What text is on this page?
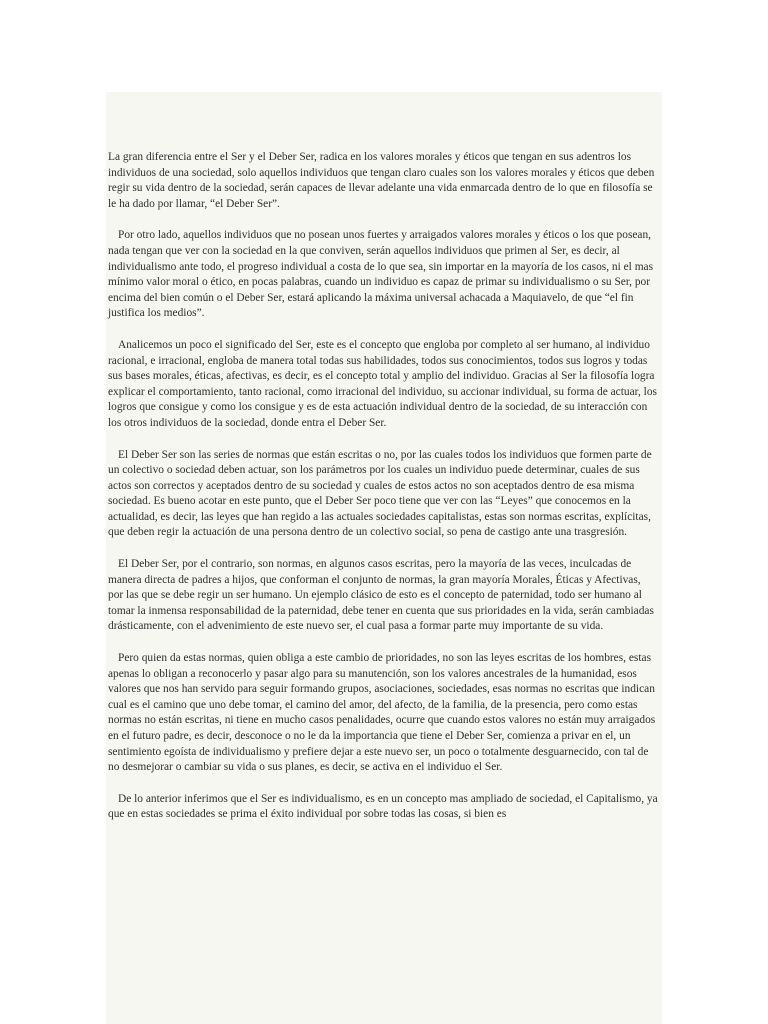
La gran diferencia entre el Ser y el Deber Ser, radica en los valores morales y éticos que tengan en sus adentros los individuos de una sociedad, solo aquellos individuos que tengan claro cuales son los valores morales y éticos que deben regir su vida dentro de la sociedad, serán capaces de llevar adelante una vida enmarcada dentro de lo que en filosofía se le ha dado por llamar, “el Deber Ser”.

Por otro lado, aquellos individuos que no posean unos fuertes y arraigados valores morales y éticos o los que posean, nada tengan que ver con la sociedad en la que conviven, serán aquellos individuos que primen al Ser, es decir, al individualismo ante todo, el progreso individual a costa de lo que sea, sin importar en la mayoría de los casos, ni el mas mínimo valor moral o ético, en pocas palabras, cuando un individuo es capaz de primar su individualismo o su Ser, por encima del bien común o el Deber Ser, estará aplicando la máxima universal achacada a Maquiavelo, de que “el fin justifica los medios”.

Analicemos un poco el significado del Ser, este es el concepto que engloba por completo al ser humano, al individuo racional, e irracional, engloba de manera total todas sus habilidades, todos sus conocimientos, todos sus logros y todas sus bases morales, éticas, afectivas, es decir, es el concepto total y amplio del individuo. Gracias al Ser la filosofía logra explicar el comportamiento, tanto racional, como irracional del individuo, su accionar individual, su forma de actuar, los logros que consigue y como los consigue y es de esta actuación individual dentro de la sociedad, de su interacción con los otros individuos de la sociedad, donde entra el Deber Ser.

El Deber Ser son las series de normas que están escritas o no, por las cuales todos los individuos que formen parte de un colectivo o sociedad deben actuar, son los parámetros por los cuales un individuo puede determinar, cuales de sus actos son correctos y aceptados dentro de su sociedad y cuales de estos actos no son aceptados dentro de esa misma sociedad. Es bueno acotar en este punto, que el Deber Ser poco tiene que ver con las “Leyes” que conocemos en la actualidad, es decir, las leyes que han regido a las actuales sociedades capitalistas, estas son normas escritas, explícitas, que deben regir la actuación de una persona dentro de un colectivo social, so pena de castigo ante una trasgresión.

El Deber Ser, por el contrario, son normas, en algunos casos escritas, pero la mayoría de las veces, inculcadas de manera directa de padres a hijos, que conforman el conjunto de normas, la gran mayoría Morales, Éticas y Afectivas, por las que se debe regir un ser humano. Un ejemplo clásico de esto es el concepto de paternidad, todo ser humano al tomar la inmensa responsabilidad de la paternidad, debe tener en cuenta que sus prioridades en la vida, serán cambiadas drásticamente, con el advenimiento de este nuevo ser, el cual pasa a formar parte muy importante de su vida.

Pero quien da estas normas, quien obliga a este cambio de prioridades, no son las leyes escritas de los hombres, estas apenas lo obligan a reconocerlo y pasar algo para su manutención, son los valores ancestrales de la humanidad, esos valores que nos han servido para seguir formando grupos, asociaciones, sociedades, esas normas no escritas que indican cual es el camino que uno debe tomar, el camino del amor, del afecto, de la familia, de la presencia, pero como estas normas no están escritas, ni tiene en mucho casos penalidades, ocurre que cuando estos valores no están muy arraigados en el futuro padre, es decir, desconoce o no le da la importancia que tiene el Deber Ser, comienza a privar en el, un sentimiento egoísta de individualismo y prefiere dejar a este nuevo ser, un poco o totalmente desguarnecido, con tal de no desmejorar o cambiar su vida o sus planes, es decir, se activa en el individuo el Ser.

De lo anterior inferimos que el Ser es individualismo, es en un concepto mas ampliado de sociedad, el Capitalismo, ya que en estas sociedades se prima el éxito individual por sobre todas las cosas, si bien es
